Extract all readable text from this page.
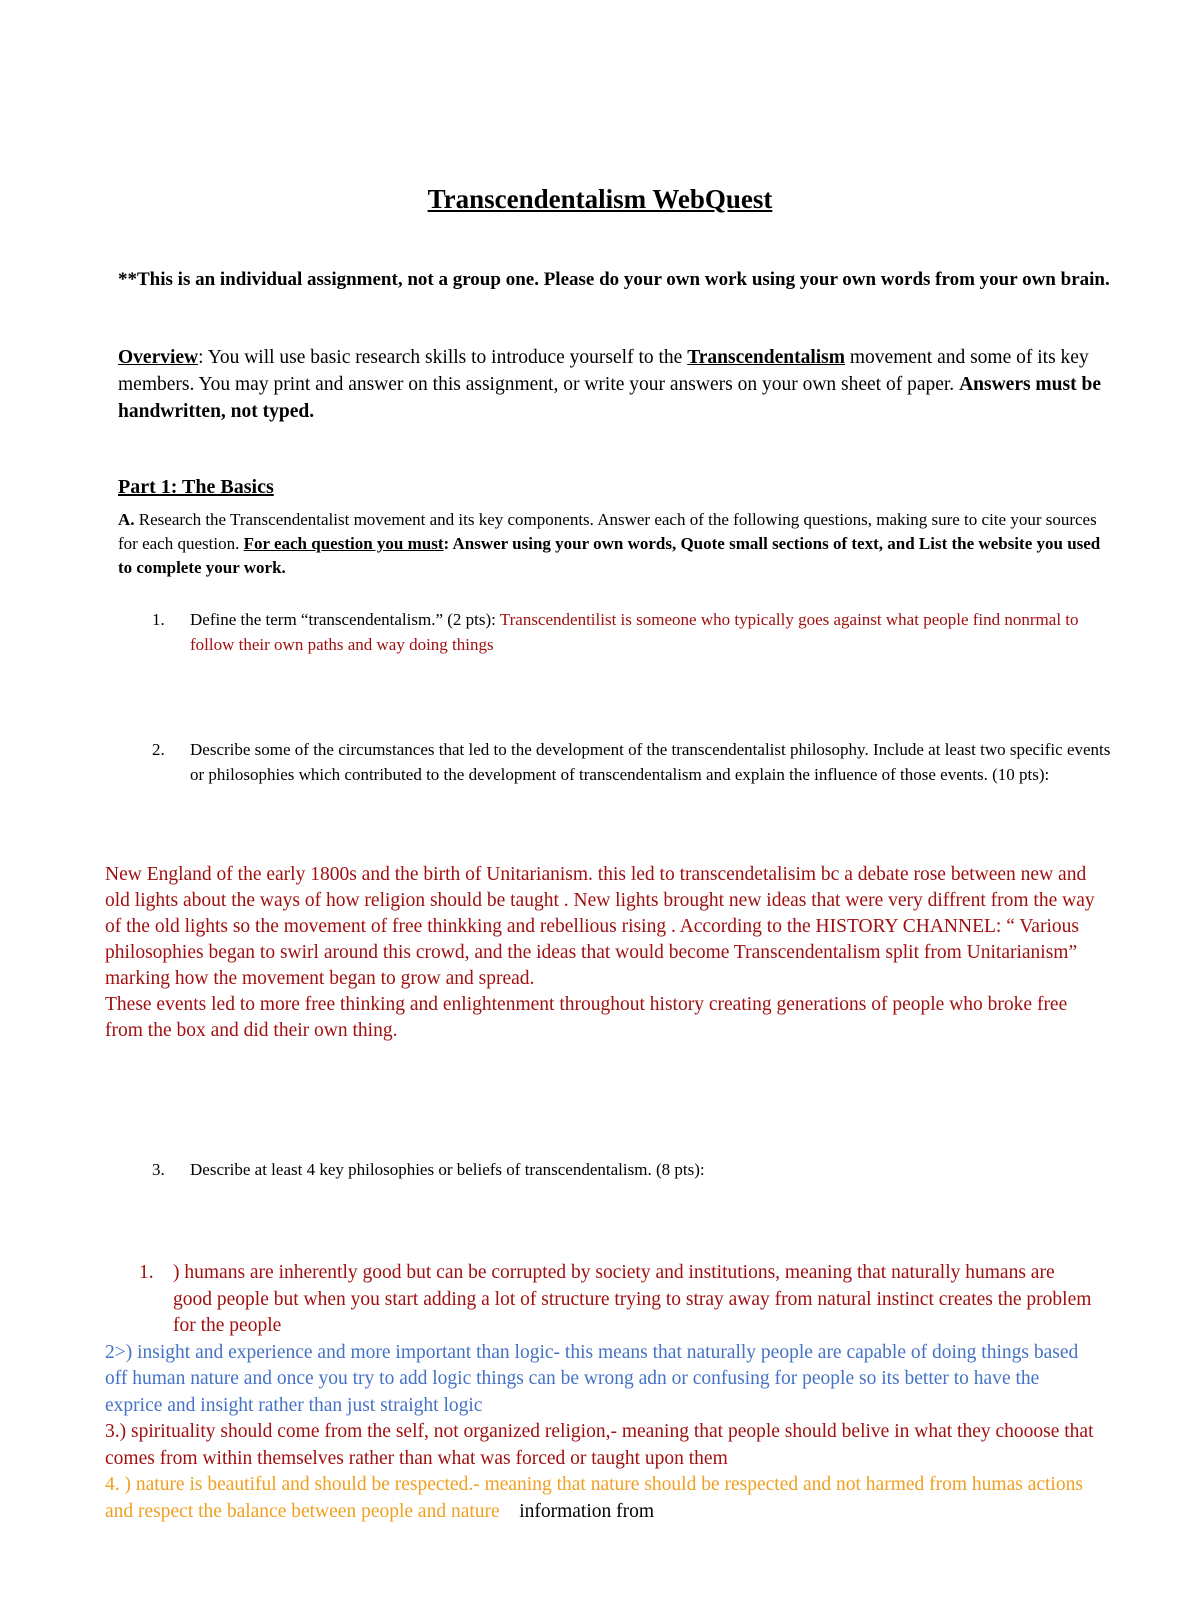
Transcendentalism WebQuest
**This is an individual assignment, not a group one. Please do your own work using your own words from your own brain.
Overview: You will use basic research skills to introduce yourself to the Transcendentalism movement and some of its key members. You may print and answer on this assignment, or write your answers on your own sheet of paper. Answers must be handwritten, not typed.
Part 1: The Basics
A. Research the Transcendentalist movement and its key components. Answer each of the following questions, making sure to cite your sources for each question. For each question you must: Answer using your own words, Quote small sections of text, and List the website you used to complete your work.
1. Define the term “transcendentalism.” (2 pts): Transcendentilist is someone who typically goes against what people find nonrmal to follow their own paths and way doing things
2. Describe some of the circumstances that led to the development of the transcendentalist philosophy. Include at least two specific events or philosophies which contributed to the development of transcendentalism and explain the influence of those events. (10 pts):

New England of the early 1800s and the birth of Unitarianism. this led to transcendetalisim bc a debate rose between new and old lights about the ways of how religion should be taught . New lights brought new ideas that were very diffrent from the way of the old lights so the movement of free thinkking and rebellious rising . According to the HISTORY CHANNEL: “ Various philosophies began to swirl around this crowd, and the ideas that would become Transcendentalism split from Unitarianism” marking how the movement began to grow and spread.

These events led to more free thinking and enlightenment throughout history creating generations of people who broke free from the box and did their own thing.

3. Describe at least 4 key philosophies or beliefs of transcendentalism. (8 pts):

1. ) humans are inherently good but can be corrupted by society and institutions, meaning that naturally humans are good people but when you start adding a lot of structure trying to stray away from natural instinct creates the problem for the people

2>) insight and experience and more important than logic- this means that naturally people are capable of doing things based off human nature and once you try to add logic things can be wrong adn or confusing for people so its better to have the exprice and insight rather than just straight logic

3.) spirituality should come from the self, not organized religion,- meaning that people should belive in what they chooose that comes from within themselves rather than what was forced or taught upon them

4. ) nature is beautiful and should be respected.- meaning that nature should be respected and not harmed from humas actions and respect the balance between people and nature information from
